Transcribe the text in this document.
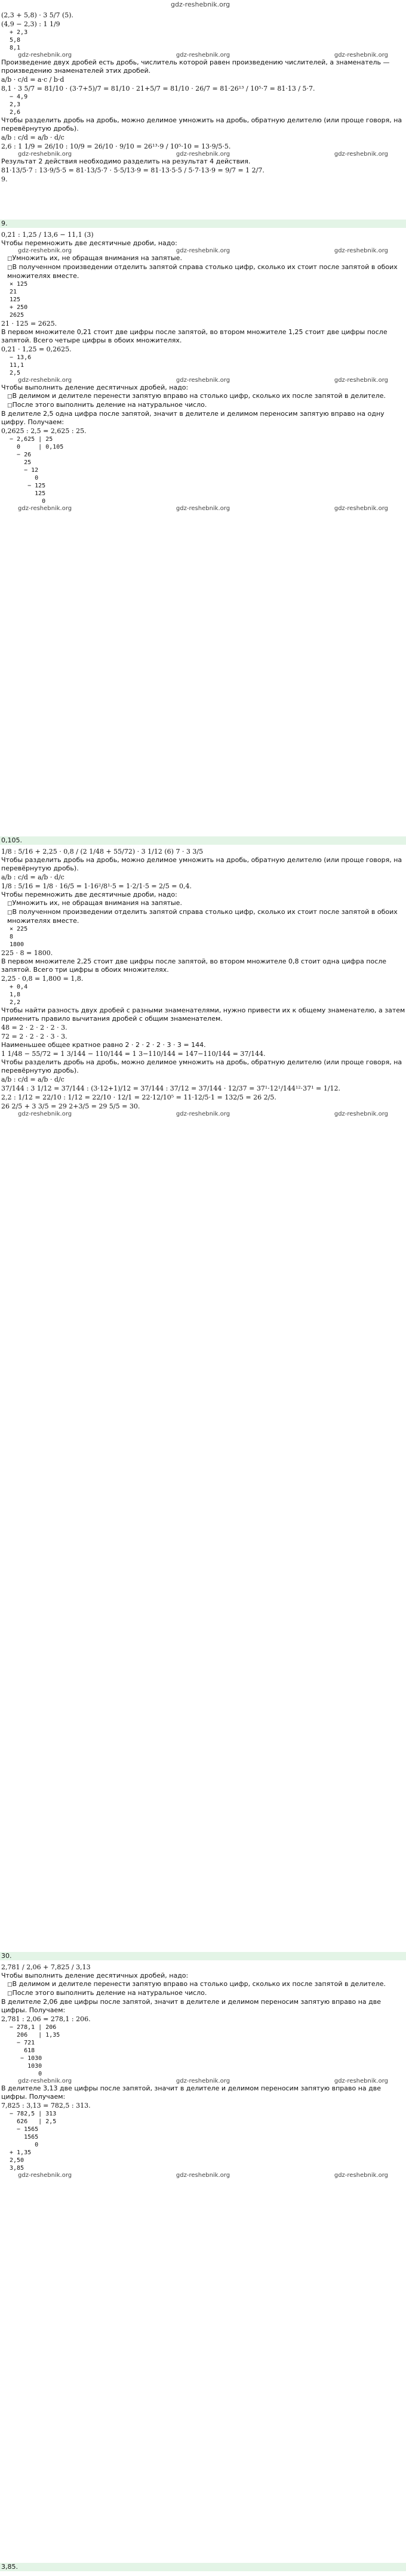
gdz-reshebnik.org
(2,3 + 5,8) · 3 5/7 (5).
(4,9 − 2,3) : 1 1/9
+ 2,3
5,8
8,1
gdz-reshebnik.org	gdz-reshebnik.org	gdz-reshebnik.org
Произведение двух дробей есть дробь, числитель которой равен произведению числителей, а знаменатель — произведению знаменателей этих дробей.
a/b · c/d = a·c / b·d
8,1 · 3 5/7 = 81/10 · (3·7+5)/7 = 81/10 · 21+5/7 = 81/10 · 26/7 = 81·26¹³ / 10⁵·7 = 81·13 / 5·7.
− 4,9
2,3
2,6
Чтобы разделить дробь на дробь, можно делимое умножить на дробь, обратную делителю (или проще говоря, на перевёрнутую дробь).
a/b : c/d = a/b · d/c
2,6 : 1 1/9 = 26/10 : 10/9 = 26/10 · 9/10 = 26¹³·9 / 10⁵·10 = 13·9/5·5.
gdz-reshebnik.org	gdz-reshebnik.org	gdz-reshebnik.org
Результат 2 действия необходимо разделить на результат 4 действия.
81·13/5·7 : 13·9/5·5 = 81·13/5·7 · 5·5/13·9 = 81·13·5·5 / 5·7·13·9 = 9/7 = 1 2/7.
9.
9.
0,21 : 1,25 / 13,6 − 11,1 (3)
Чтобы перемножить две десятичные дроби, надо:
gdz-reshebnik.org	gdz-reshebnik.org	gdz-reshebnik.org
□ Умножить их, не обращая внимания на запятые.
□ В полученном произведении отделить запятой справа столько цифр, сколько их стоит после запятой в обоих множителях вместе.
× 125
21
125
+ 250
2625
21 · 125 = 2625.
В первом множителе 0,21 стоит две цифры после запятой, во втором множителе 1,25 стоит две цифры после запятой. Всего четыре цифры в обоих множителях.
0,21 · 1,25 = 0,2625.
− 13,6
11,1
2,5
gdz-reshebnik.org	gdz-reshebnik.org	gdz-reshebnik.org
Чтобы выполнить деление десятичных дробей, надо:
□ В делимом и делителе перенести запятую вправо на столько цифр, сколько их после запятой в делителе.
□ После этого выполнить деление на натуральное число.
В делителе 2,5 одна цифра после запятой, значит в делителе и делимом переносим запятую вправо на одну цифру. Получаем:
0,2625 : 2,5 = 2,625 : 25.
− 2,625 | 25
0     | 0,105
− 26
25
− 12
0
− 125
125
0
gdz-reshebnik.org	gdz-reshebnik.org	gdz-reshebnik.org
0,105.
1/8 : 5/16 + 2,25 · 0,8 / (2 1/48 + 55/72) · 3 1/12 (6) 7 · 3 3/5
Чтобы разделить дробь на дробь, можно делимое умножить на дробь, обратную делителю (или проще говоря, на перевёрнутую дробь).
a/b : c/d = a/b · d/c
1/8 : 5/16 = 1/8 · 16/5 = 1·16²/8¹·5 = 1·2/1·5 = 2/5 = 0,4.
Чтобы перемножить две десятичные дроби, надо:
□ Умножить их, не обращая внимания на запятые.
□ В полученном произведении отделить запятой справа столько цифр, сколько их стоит после запятой в обоих множителях вместе.
× 225
8
1800
225 · 8 = 1800.
В первом множителе 2,25 стоит две цифры после запятой, во втором множителе 0,8 стоит одна цифра после запятой. Всего три цифры в обоих множителях.
2,25 · 0,8 = 1,800 = 1,8.
+ 0,4
1,8
2,2
Чтобы найти разность двух дробей с разными знаменателями, нужно привести их к общему знаменателю, а затем применить правило вычитания дробей с общим знаменателем.
48 = 2 · 2 · 2 · 2 · 3.
72 = 2 · 2 · 2 · 3 · 3.
Наименьшее общее кратное равно 2 · 2 · 2 · 2 · 3 · 3 = 144.
1 1/48 − 55/72 = 1 3/144 − 110/144 = 1 3−110/144 = 147−110/144 = 37/144.
Чтобы разделить дробь на дробь, можно делимое умножить на дробь, обратную делителю (или проще говоря, на перевёрнутую дробь).
a/b : c/d = a/b · d/c
37/144 : 3 1/12 = 37/144 : (3·12+1)/12 = 37/144 : 37/12 = 37/144 · 12/37 = 37¹·12¹/144¹²·37¹ = 1/12.
2,2 : 1/12 = 22/10 : 1/12 = 22/10 · 12/1 = 22·12/10⁵ = 11·12/5·1 = 132/5 = 26 2/5.
26 2/5 + 3 3/5 = 29 2+3/5 = 29 5/5 = 30.
gdz-reshebnik.org	gdz-reshebnik.org	gdz-reshebnik.org
30.
2,781 / 2,06 + 7,825 / 3,13
Чтобы выполнить деление десятичных дробей, надо:
□ В делимом и делителе перенести запятую вправо на столько цифр, сколько их после запятой в делителе.
□ После этого выполнить деление на натуральное число.
В делителе 2,06 две цифры после запятой, значит в делителе и делимом переносим запятую вправо на две цифры. Получаем:
2,781 : 2,06 = 278,1 : 206.
− 278,1 | 206
206   | 1,35
− 721
618
− 1030
1030
0
gdz-reshebnik.org	gdz-reshebnik.org	gdz-reshebnik.org
В делителе 3,13 две цифры после запятой, значит в делителе и делимом переносим запятую вправо на две цифры. Получаем:
7,825 : 3,13 = 782,5 : 313.
− 782,5 | 313
626   | 2,5
− 1565
1565
0
+ 1,35
2,50
3,85
gdz-reshebnik.org	gdz-reshebnik.org	gdz-reshebnik.org
3,85.
